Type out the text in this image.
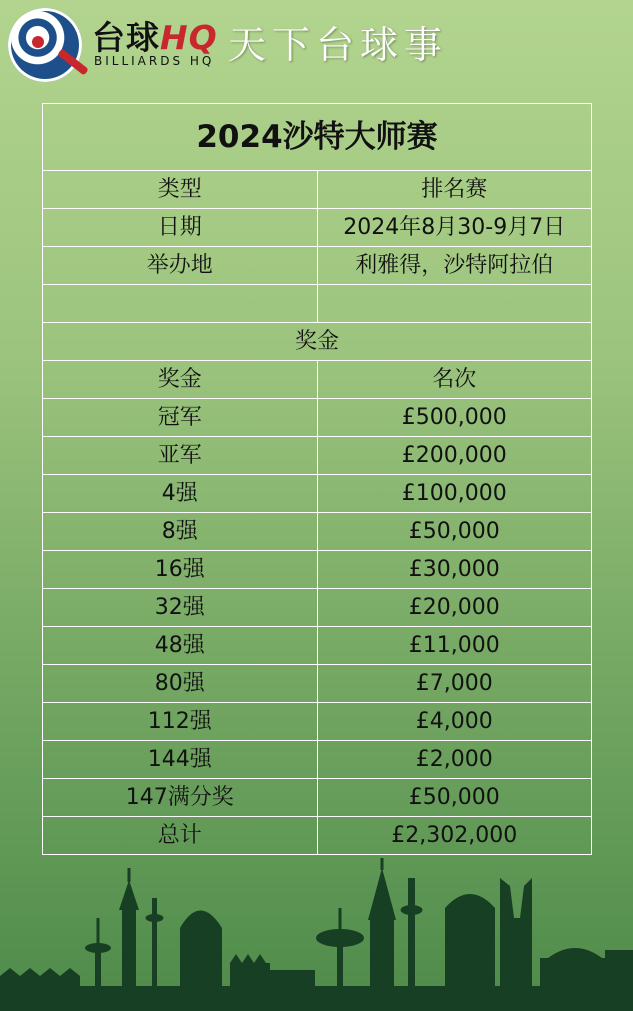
台球HQ
BILLIARDS HQ 天下台球事
2024沙特大师赛	
类型	排名赛
日期	2024年8月30-9月7日
举办地	利雅得，沙特阿拉伯

奖金	
奖金	名次
冠军	£500,000
亚军	£200,000
4强	£100,000
8强	£50,000
16强	£30,000
32强	£20,000
48强	£11,000
80强	£7,000
112强	£4,000
144强	£2,000
147满分奖	£50,000
总计	£2,302,000
